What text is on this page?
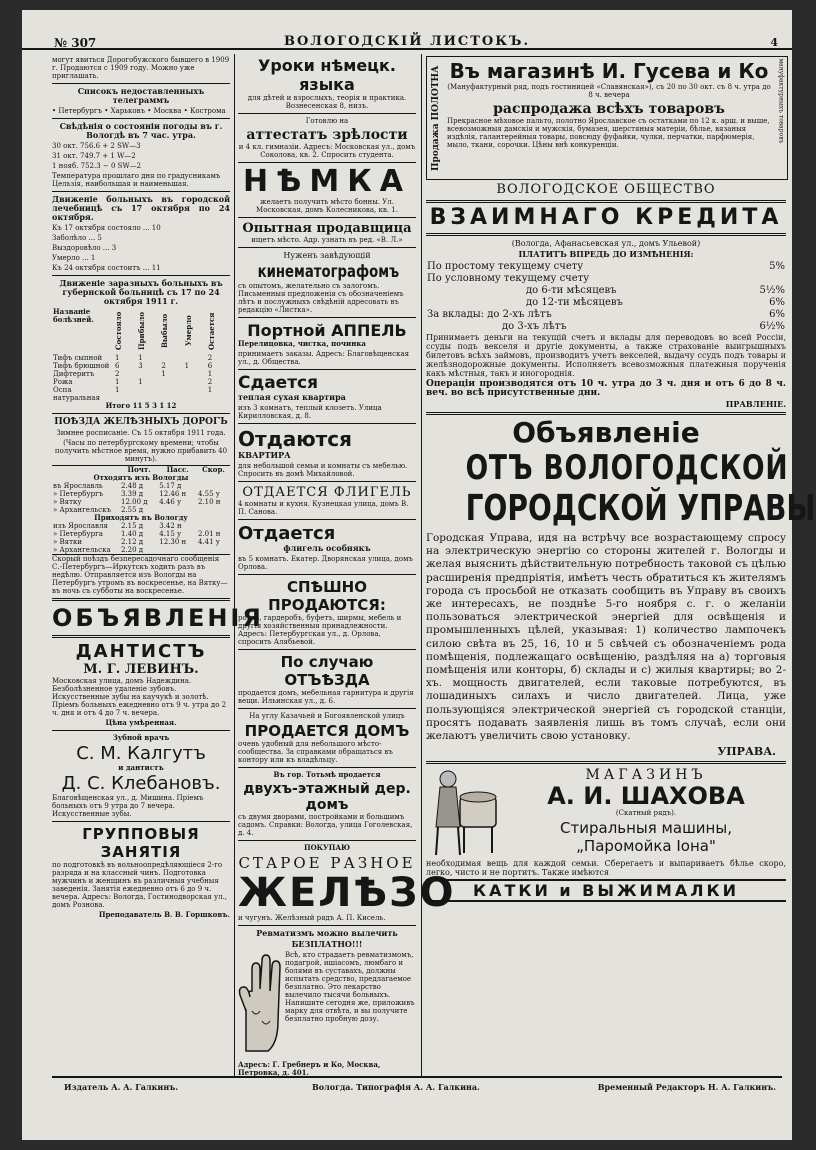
№ 307	ВОЛОГОДСКIЙ ЛИСТОКЪ.	4

могут явиться Дорогобужского бывшего в 1909 г. Продаются с 1909 году. Можно уже приглашать.

Списокъ недоставленныхъ телеграммъ

• Петербургъ • Харьковъ • Москва • Кострома

Свѣдѣнія о состояніи погоды въ г. Вологдѣ въ 7 час. утра.

30 окт. 756.6 + 2 SW—3

31 окт. 749.7 + 1 W—2

1 нояб. 752.3 − 0 SW—2

Температура прошлаго дня по градусникамъ Цельзія, наибольшая и наименьшая.

Движеніе больныхъ въ городской лечебницѣ съ 17 октября по 24 октября.

Къ 17 октября состояло ... 10

Заболѣло ... 5

Выздоровѣло ... 3

Умерло ... 1

Къ 24 октября состоитъ ... 11

Движеніе заразныхъ больныхъ въ губернской больницѣ съ 17 по 24 октября 1911 г.

Названіе болѣзней.	Состояло	Прибыло	Выбыло	Умерло	Остается
Тифъ сыпной	1	1			2
Тифъ брюшной	6	3	2	1	6
Дифтеритъ	2		1		1
Рожа	1	1			2
Оспа натуральная	1				1

Итого 11 5 3 1 12

ПОѢЗДА ЖЕЛѢЗНЫХЪ ДОРОГЪ

Зимнее росписаніе. Съ 15 октября 1911 года.

(Часы по петербургскому времени; чтобы получить мѣстное время, нужно прибавить 40 минутъ).

	Почт.	Пасс.	Скор.
Отходятъ изъ Вологды			
въ Ярославль	2.48 д	5.17 д	
» Петербургъ	3.39 д	12.46 н	4.55 у
» Вятку	12.00 д	4.46 у	2.10 н
» Архангельскъ	2.55 д		
Приходятъ въ Вологду			
изъ Ярославля	2.15 д	3.42 н	
» Петербурга	1.40 д	4.15 у	2.01 н
» Вятки	2.12 д	12.30 н	4.41 у
» Архангельска	2.20 д		

Скорый поѣздъ безпересадочнаго сообщенія С.-Петербургъ—Иркутскъ ходить разъ въ недѣлю. Отправляется изъ Вологды на Петербургъ утромъ въ воскресенье, на Вятку—въ ночь съ субботы на воскресенье.

ОБЪЯВЛЕНІЯ
ДАНТИСТЪ
М. Г. ЛЕВИНЪ.

Московская улица, домъ Надеждина. Безболѣзненное удаленіе зубовъ. Искусственные зубы на каучукѣ и золотѣ. Пріемъ больныхъ ежедневно отъ 9 ч. утра до 2 ч. дня и отъ 4 до 7 ч. вечера.

Цѣна умѣренная.

Зубной врачъ

С. М. Калгутъ

и дантистъ

Д. С. Клебановъ.

Благовѣщенская ул., д. Мишина. Пріемъ больныхъ отъ 9 утра до 7 вечера. Искусственные зубы.

ГРУППОВЫЯ ЗАНЯТІЯ

по подготовкѣ въ вольноопредѣляющіеся 2-го разряда и на классный чинъ. Подготовка мужчинъ и женщинъ въ различныя учебныя заведенія. Занятія ежедневно отъ 6 до 9 ч. вечера. Адресъ: Вологда, Гостинодворская ул., домъ Рознова.

Преподаватель В. В. Горшковъ.

Уроки нѣмецк. языка

для дѣтей и взрослыхъ, теорія и практика. Вознесенская 8, низъ.

Готовлю на

аттестатъ зрѣлости

и 4 кл. гимназіи. Адресъ: Московская ул., домъ Соколова, кв. 2. Спросить студента.

НѢМКА

желаетъ получить мѣсто бонны. Ул. Московская, домъ Колесникова, кв. 1.

Опытная продавщица

ищетъ мѣсто. Адр. узнать въ ред. «В. Л.»

Нуженъ завѣдующій

кинематографомъ

съ опытомъ, желательно съ залогомъ. Письменныя предложенія съ обозначеніемъ лѣтъ и послужныхъ свѣдѣній адресовать въ редакцію «Листка».

Портной АППЕЛЬ

Перелицовка, чистка, починка

принимаетъ заказы. Адресъ: Благовѣщенская ул., д. Общества.

Сдается

теплая сухая квартира

изъ 3 комнатъ, теплый клозетъ. Улица Кирилловская, д. 8.

Отдаются

КВАРТИРА

для небольшой семьи и комнаты съ мебелью. Спросить въ домѣ Михайловой.

ОТДАЕТСЯ ФЛИГЕЛЬ

4 комнаты и кухня. Кузнецкая улица, домъ В. П. Санова.

Отдается

флигель особнякъ

въ 5 комнатъ. Екатер. Дворянская улица, домъ Орлова.

СПѢШНО ПРОДАЮТСЯ:

рояль, гардеробъ, буфетъ, ширмы, мебель и другія хозяйственныя принадлежности. Адресъ: Петербургская ул., д. Орлова, спросить Алябьевой.

По случаю ОТЪѢЗДА

продается домъ, мебельная гарнитура и другія вещи. Ильинская ул., д. 6.

На углу Казачьей и Богоявленской улицъ

ПРОДАЕТСЯ ДОМЪ

очень удобный для небольшого мѣсто-сообщества. За справками обращаться въ контору или къ владѣльцу.

Въ гор. Тотьмѣ продается

двухъ-этажный дер. домъ

съ двумя дворами, постройками и большимъ садомъ. Справки: Вологда, улица Гоголевская, д. 4.

ПОКУПАЮ

СТАРОЕ РАЗНОЕ
ЖЕЛѢЗО

и чугунъ. Желѣзный рядъ А. П. Кисель.

Ревматизмъ можно вылечить

БЕЗПЛАТНО!!!

Всѣ, кто страдаетъ ревматизмомъ, подагрой, ишіасомъ, люмбаго и болями въ суставахъ, должны испытать средство, предлагаемое безплатно. Это лекарство вылечило тысячи больныхъ. Напишите сегодня же, приложивъ марку для отвѣта, и вы получите безплатно пробную дозу.

Адресъ: Г. Гребнеръ и Ко, Москва, Петровка, д. 401.

Продажа ПОЛОТНА	мануфактурныхъ товаровъ
Въ магазинѣ И. Гусева и Ко

(Мануфактурный ряд, подъ гостиницей «Славянская»), съ 20 по 30 окт. съ 8 ч. утра до 8 ч. вечера

распродажа всѣхъ товаровъ

Прекрасное мѣховое пальто, полотно Ярославское съ остатками по 12 к. арш. и выше, всевозможныя дамскія и мужскія, бумазея, шерстяныя матеріи, бѣлье, вязаныя издѣлія, галантерейныя товары, повсюду фуфайки, чулки, перчатки, парфюмерія, мыло, ткани, сорочки. Цѣны внѣ конкуренціи.

ВОЛОГОДСКОЕ ОБЩЕСТВО
ВЗАИМНАГО КРЕДИТА

(Вологда, Афанасьевская ул., домъ Ульевой)

ПЛАТИТЪ ВПРЕДЬ ДО ИЗМѢНЕНІЯ:

По простому текущему счету	5%
По условному текущему счету	
до 6-ти мѣсяцевъ	5½%
до 12-ти мѣсяцевъ	6%
За вклады: до 2-хъ лѣтъ	6%
до 3-хъ лѣтъ	6½%

Принимаетъ деньги на текущій счетъ и вклады для переводовъ во всей Россіи, ссуды подъ векселя и другіе документы, а также страхованіе выигрышныхъ билетовъ всѣхъ займовъ, производитъ учетъ векселей, выдачу ссудъ подъ товары и желѣзнодорожные документы. Исполняетъ всевозможныя платежныя порученія какъ мѣстныя, такъ и иногороднія.

Операціи производятся отъ 10 ч. утра до 3 ч. дня и отъ 6 до 8 ч. веч. во всѣ присутственные дни.

ПРАВЛЕНІЕ.

Объявленіе
ОТЪ ВОЛОГОДСКОЙ
ГОРОДСКОЙ УПРАВЫ

Городская Управа, идя на встрѣчу все возрастающему спросу на электрическую энергію со стороны жителей г. Вологды и желая выяснить дѣйствительную потребность таковой съ цѣлью расширенія предпріятія, имѣетъ честь обратиться къ жителямъ города съ просьбой не отказать сообщить въ Управу въ своихъ же интересахъ, не позднѣе 5-го ноября с. г. о желаніи пользоваться электрической энергіей для освѣщенія и промышленныхъ цѣлей, указывая: 1) количество лампочекъ силою свѣта въ 25, 16, 10 и 5 свѣчей съ обозначеніемъ рода помѣщенія, подлежащаго освѣщенію, раздѣляя на а) торговыя помѣщенія или конторы, б) склады и с) жилыя квартиры; во 2-хъ. мощность двигателей, если таковые потребуются, въ лошадиныхъ силахъ и число двигателей. Лица, уже пользующіяся электрической энергіей съ городской станціи, просятъ подавать заявленія лишь въ томъ случаѣ, если они желаютъ увеличить свою установку.

УПРАВА.

МАГАЗИНЪ
А. И. ШАХОВА

(Скатный рядъ).

Стиральныя машины,
„Паромойка Іона"

необходимая вещь для каждой семьи. Сберегаетъ и выпариваетъ бѣлье скоро, легко, чисто и не портитъ. Также имѣются

КАТКИ и ВЫЖИМАЛКИ
Издатель А. А. Галкинъ.	Вологда. Типографія А. А. Галкина.	Временный Редакторъ Н. А. Галкинъ.
